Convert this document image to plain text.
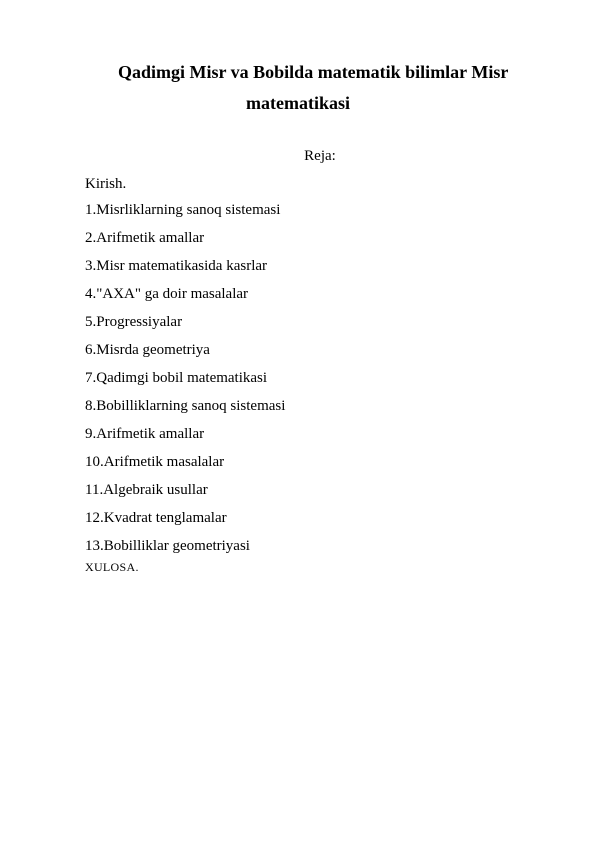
Qadimgi Misr va Bobilda matematik bilimlar Misr
matematikasi
Reja:
Kirish.
1.Misrliklarning sanoq sistemasi
2.Arifmetik amallar
3.Misr matematikasida kasrlar
4."AXA" ga doir masalalar
5.Progressiyalar
6.Misrda geometriya
7.Qadimgi bobil matematikasi
8.Bobilliklarning sanoq sistemasi
9.Arifmetik amallar
10.Arifmetik masalalar
11.Algebraik usullar
12.Kvadrat tenglamalar
13.Bobilliklar geometriyasi
XULOSA.
